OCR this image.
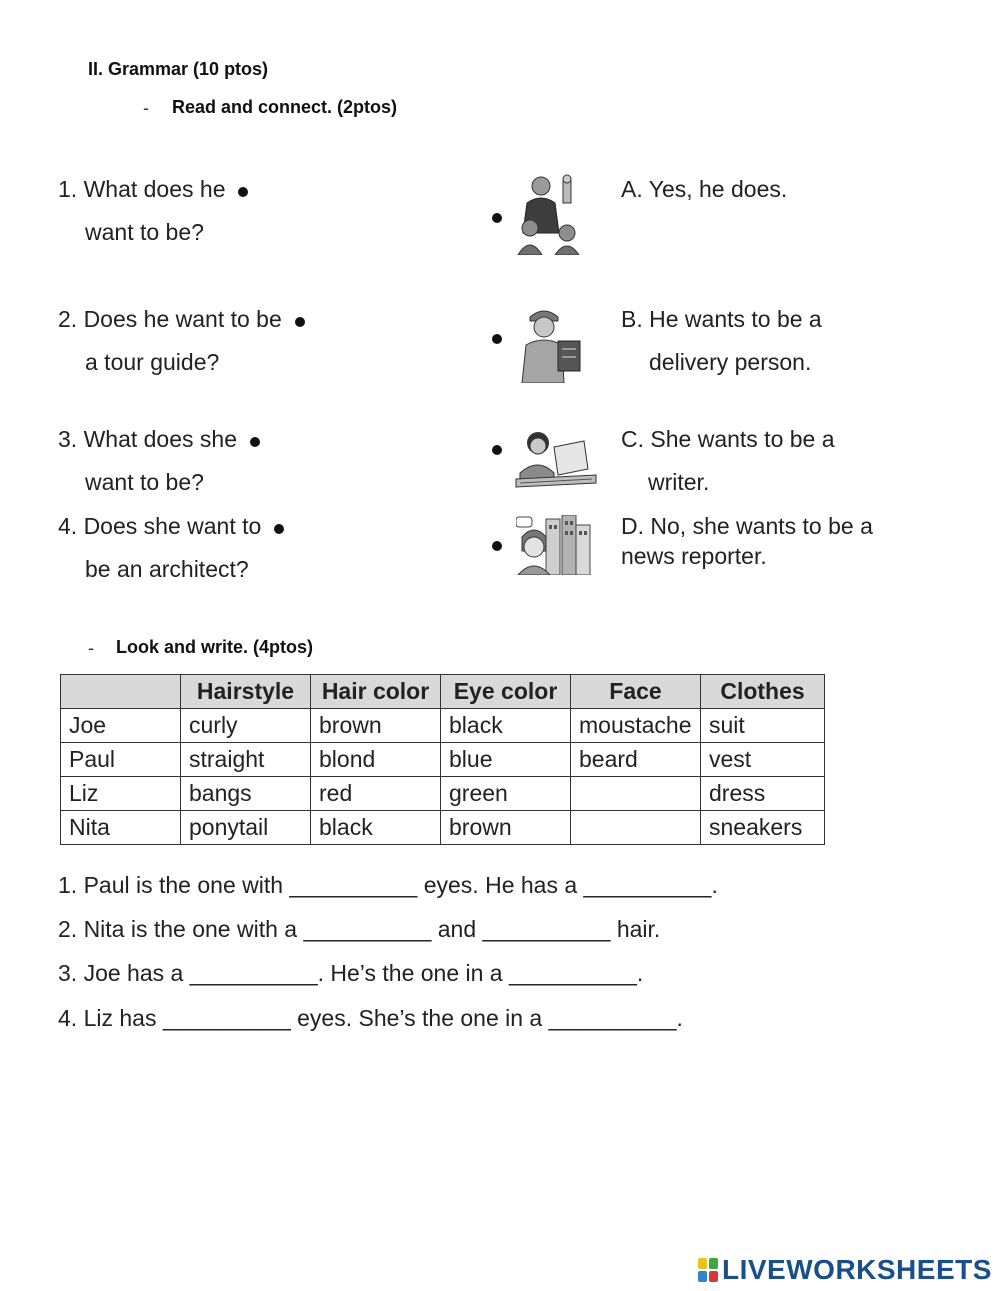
II. Grammar (10 ptos)
- Read and connect. (2ptos)
1. What does he
want to be?
2. Does he want to be
a tour guide?
3. What does she
want to be?
4. Does she want to
be an architect?
A. Yes, he does.
B. He wants to be a
delivery person.
C. She wants to be a
writer.
D. No, she wants to be a
news reporter.
- Look and write. (4ptos)
	Hairstyle	Hair color	Eye color	Face	Clothes
Joe	curly	brown	black	moustache	suit
Paul	straight	blond	blue	beard	vest
Liz	bangs	red	green		dress
Nita	ponytail	black	brown		sneakers
1. Paul is the one with __________ eyes. He has a __________.
2. Nita is the one with a __________ and __________ hair.
3. Joe has a __________. He’s the one in a __________.
4. Liz has __________ eyes. She’s the one in a __________.
LIVEWORKSHEETS
